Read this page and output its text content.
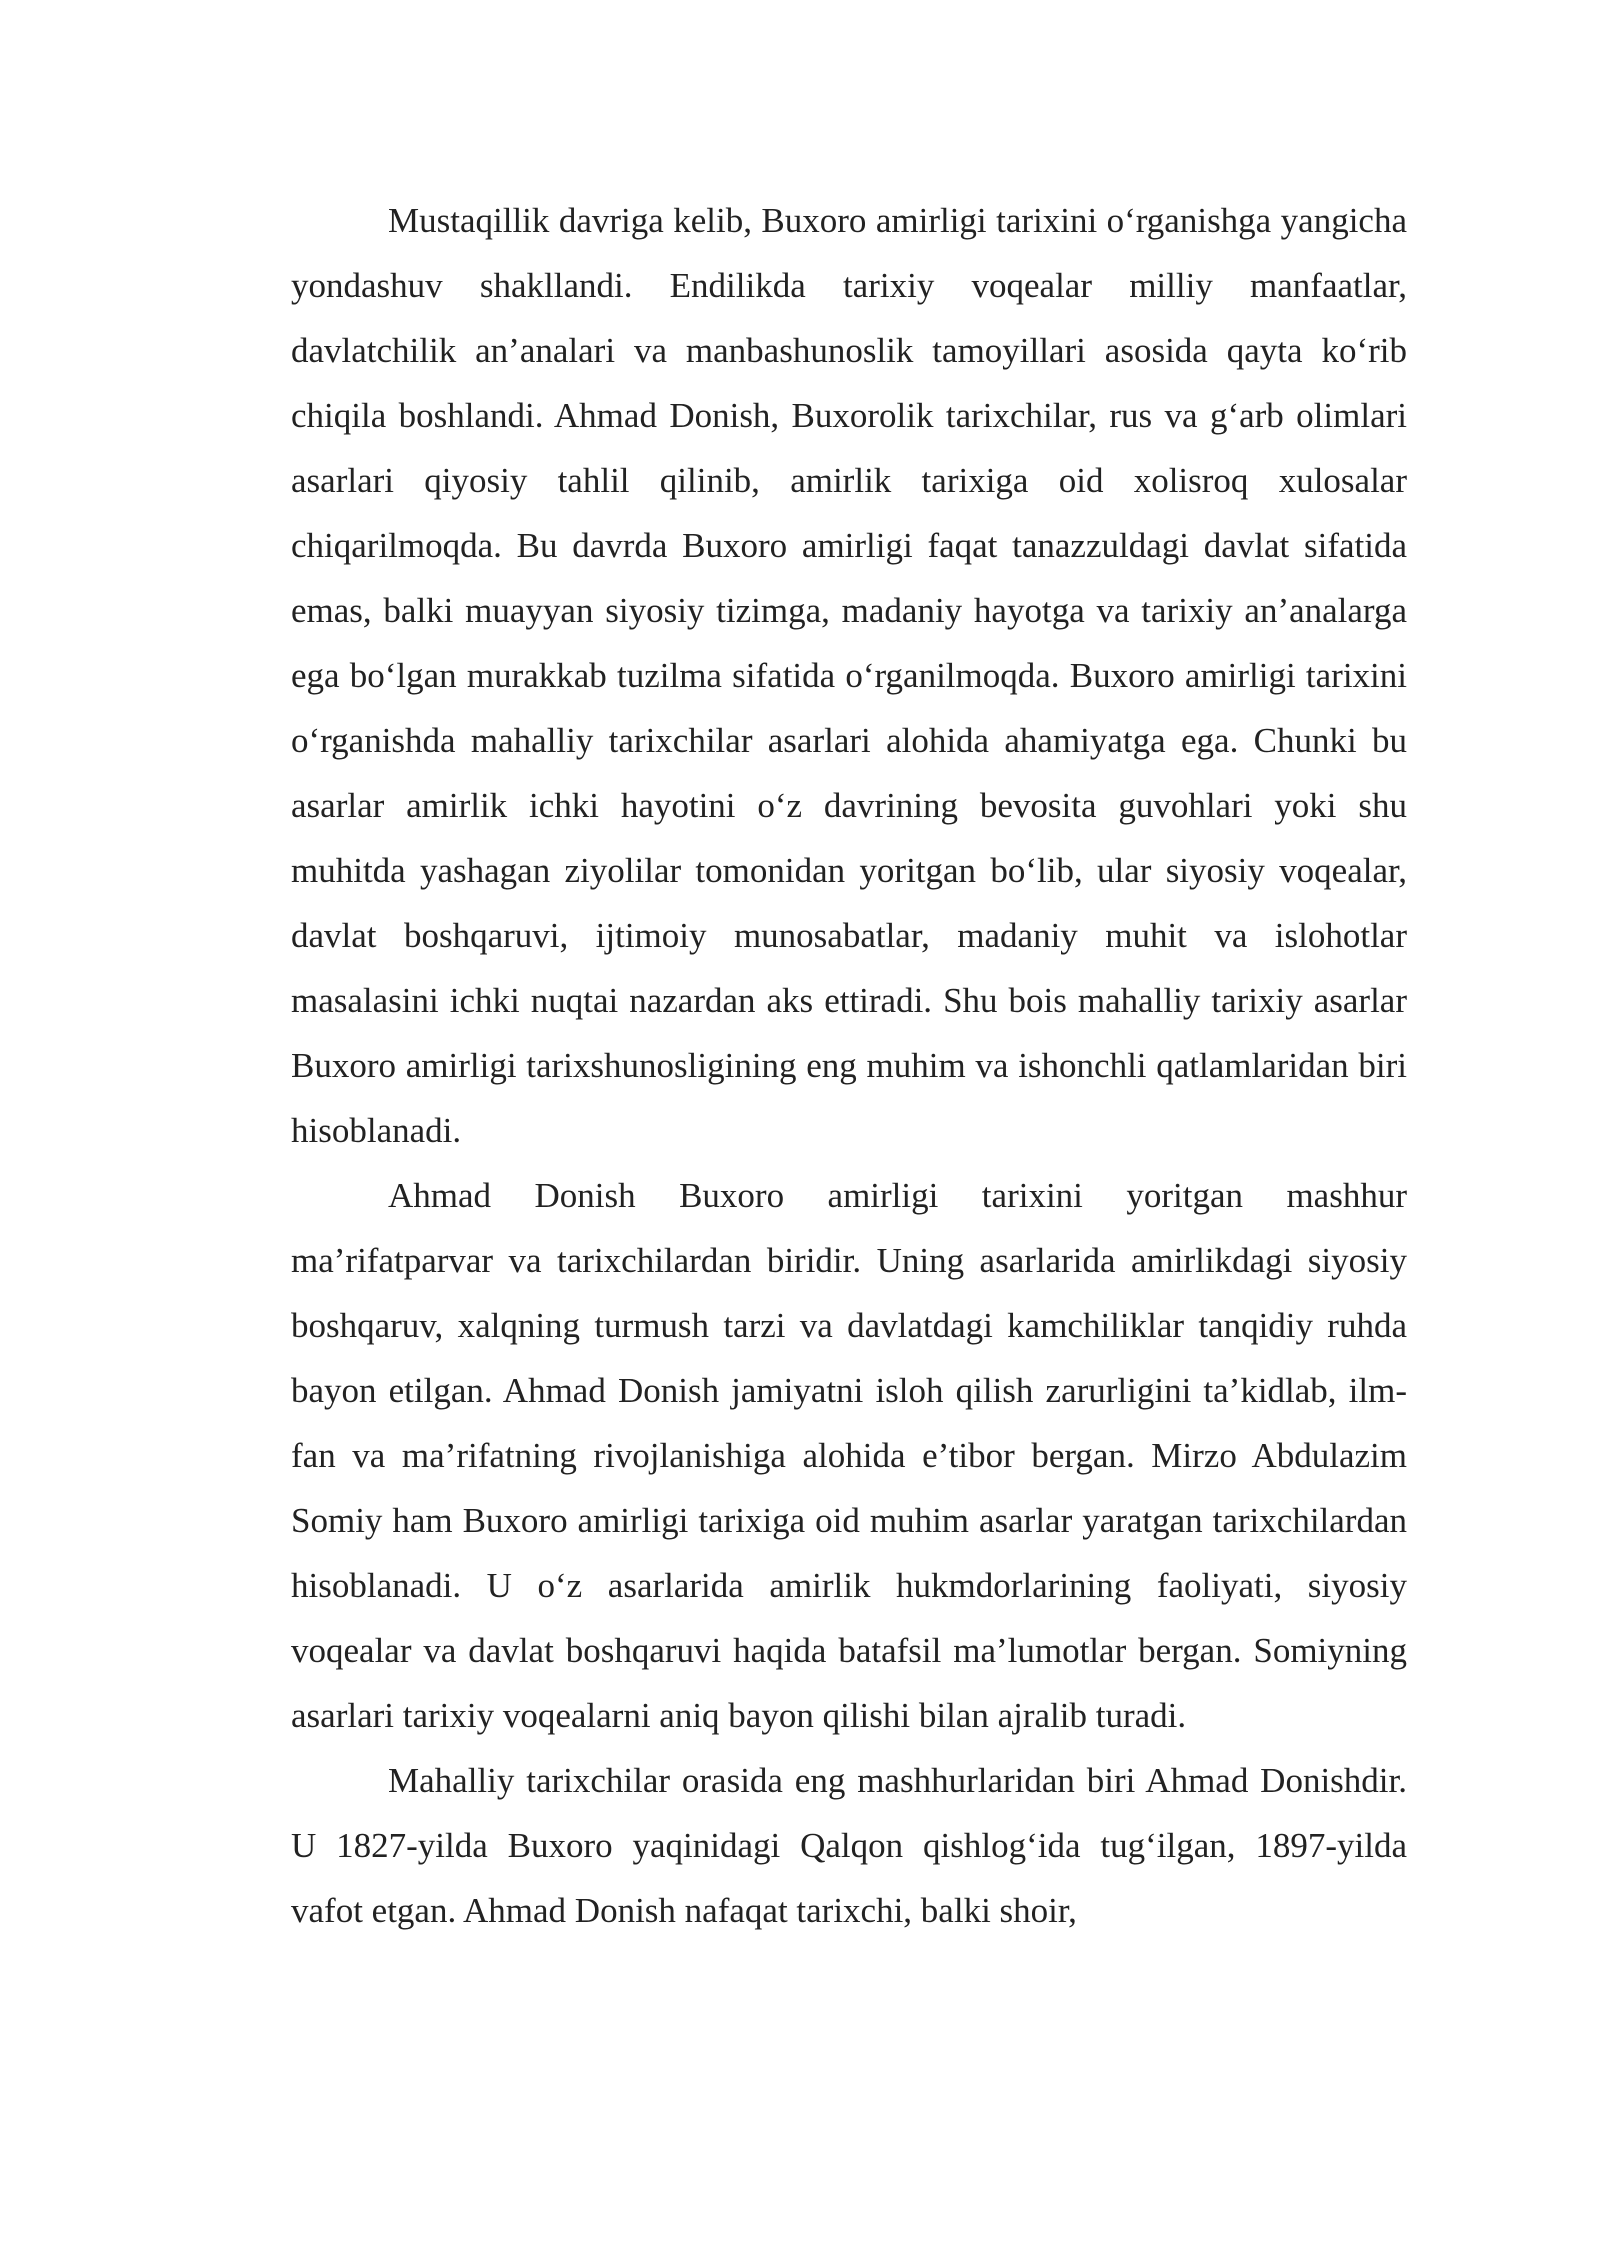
Mustaqillik davriga kelib, Buxoro amirligi tarixini o‘rganishga yangicha yondashuv shakllandi. Endilikda tarixiy voqealar milliy manfaatlar, davlatchilik an’analari va manbashunoslik tamoyillari asosida qayta ko‘rib chiqila boshlandi. Ahmad Donish, Buxorolik tarixchilar, rus va g‘arb olimlari asarlari qiyosiy tahlil qilinib, amirlik tarixiga oid xolisroq xulosalar chiqarilmoqda. Bu davrda Buxoro amirligi faqat tanazzuldagi davlat sifatida emas, balki muayyan siyosiy tizimga, madaniy hayotga va tarixiy an’analarga ega bo‘lgan murakkab tuzilma sifatida o‘rganilmoqda. Buxoro amirligi tarixini o‘rganishda mahalliy tarixchilar asarlari alohida ahamiyatga ega. Chunki bu asarlar amirlik ichki hayotini o‘z davrining bevosita guvohlari yoki shu muhitda yashagan ziyolilar tomonidan yoritgan bo‘lib, ular siyosiy voqealar, davlat boshqaruvi, ijtimoiy munosabatlar, madaniy muhit va islohotlar masalasini ichki nuqtai nazardan aks ettiradi. Shu bois mahalliy tarixiy asarlar Buxoro amirligi tarixshunosligining eng muhim va ishonchli qatlamlaridan biri hisoblanadi.

Ahmad Donish Buxoro amirligi tarixini yoritgan mashhur ma’rifatparvar va tarixchilardan biridir. Uning asarlarida amirlikdagi siyosiy boshqaruv, xalqning turmush tarzi va davlatdagi kamchiliklar tanqidiy ruhda bayon etilgan. Ahmad Donish jamiyatni isloh qilish zarurligini ta’kidlab, ilm-fan va ma’rifatning rivojlanishiga alohida e’tibor bergan. Mirzo Abdulazim Somiy ham Buxoro amirligi tarixiga oid muhim asarlar yaratgan tarixchilardan hisoblanadi. U o‘z asarlarida amirlik hukmdorlarining faoliyati, siyosiy voqealar va davlat boshqaruvi haqida batafsil ma’lumotlar bergan. Somiyning asarlari tarixiy voqealarni aniq bayon qilishi bilan ajralib turadi.

Mahalliy tarixchilar orasida eng mashhurlaridan biri Ahmad Donishdir. U 1827-yilda Buxoro yaqinidagi Qalqon qishlog‘ida tug‘ilgan, 1897-yilda vafot etgan. Ahmad Donish nafaqat tarixchi, balki shoir,
